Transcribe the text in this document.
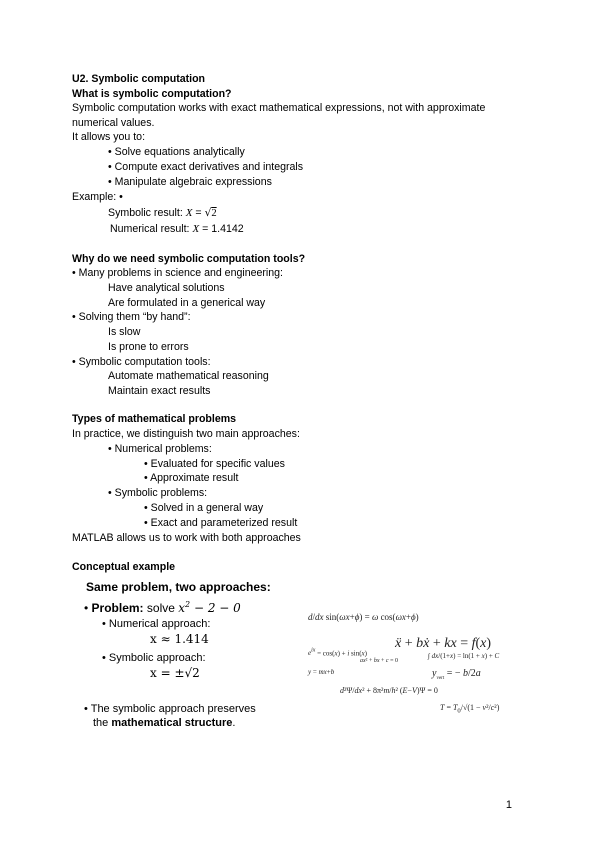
U2. Symbolic computation
What is symbolic computation?
Symbolic computation works with exact mathematical expressions, not with approximate
numerical values.
It allows you to:
• Solve equations analytically
• Compute exact derivatives and integrals
• Manipulate algebraic expressions
Example: •
Symbolic result: X = √2
Numerical result: X = 1.4142
Why do we need symbolic computation tools?
• Many problems in science and engineering:
Have analytical solutions
Are formulated in a generical way
• Solving them “by hand”:
Is slow
Is prone to errors
• Symbolic computation tools:
Automate mathematical reasoning
Maintain exact results
Types of mathematical problems
In practice, we distinguish two main approaches:
• Numerical problems:
• Evaluated for specific values
• Approximate result
• Symbolic problems:
• Solved in a general way
• Exact and parameterized result
MATLAB allows us to work with both approaches
Conceptual example
Same problem, two approaches:
• Problem: solve $x^2 - 2 - 0$
• Numerical approach:
x ≈ 1.414
• Symbolic approach:
x = ±√2
• The symbolic approach preserves
the mathematical structure.
d/dx sin(ωx+ϕ) = ω cos(ωx+ϕ)
ẍ + bẋ + kx = f(x)
$e^{ix} = \cos(x) + i$ sin(x)
ax² + bx + c = 0
∫ dx/(1+x) = ln(1 + x) + C
y = mx+b	$y_{vert}$ = − b/2a
d²Ψ/dx² + 8π²m/h² (E−V)Ψ = 0
$T = T_0/√(1 - v^2/c^2)$
1
